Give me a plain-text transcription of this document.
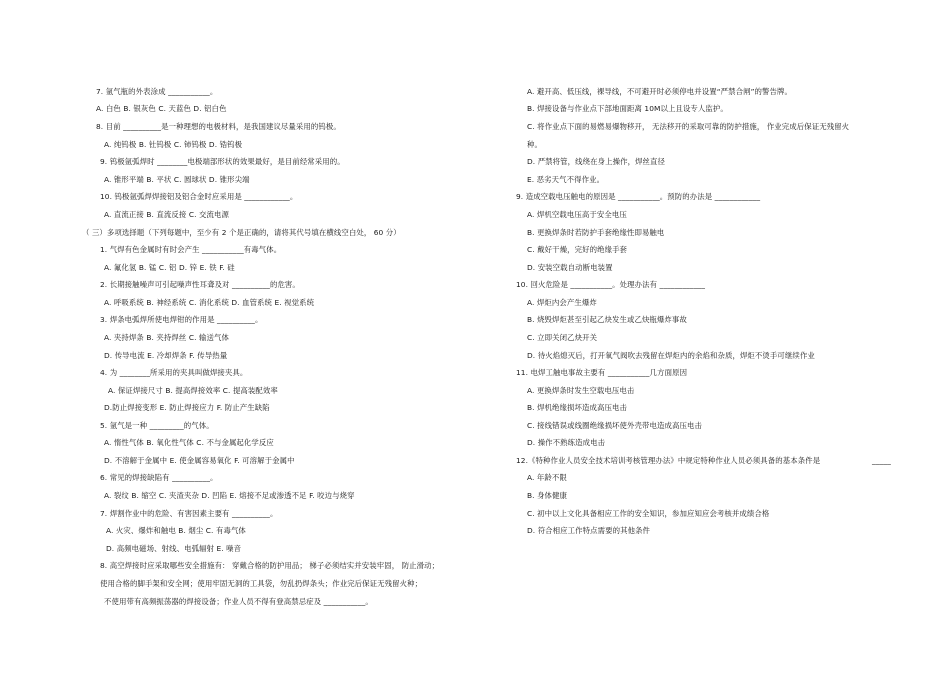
7. 氩气瓶的外表涂成 ___________。
A. 白色 B. 银灰色 C. 天蓝色 D. 铝白色
8. 目前 __________是一种理想的电极材料，是我国建议尽量采用的钨极。
A. 纯钨极 B. 钍钨极 C. 铈钨极 D. 锆钨极
9. 钨极氩弧焊时 ________电极端部形状的效果最好，是目前经常采用的。
A. 锥形平端 B. 平状 C. 圆球状 D. 锥形尖端
10. 钨极氩弧焊焊接铝及铝合金时应采用是 ____________。
A. 直流正接 B. 直流反接 C. 交流电源
（ 三）多项选择题（下列每题中，至少有 2 个是正确的，请将其代号填在横线空白处， 60 分）
1. 气焊有色金属时有时会产生 ___________有毒气体。
A. 氟化氢 B. 锰 C. 铝 D. 锌 E. 铁 F. 硅
2. 长期接触噪声可引起噪声性耳聋及对 __________的危害。
A. 呼吸系统 B. 神经系统 C. 消化系统 D. 血管系统 E. 视觉系统
3. 焊条电弧焊所使电焊钳的作用是 __________。
A. 夹持焊条 B. 夹持焊丝 C. 输送气体
D. 传导电流 E. 冷却焊条 F. 传导热量
4. 为 ________所采用的夹具叫做焊接夹具。
A. 保证焊接尺寸 B. 提高焊接效率 C. 提高装配效率
D.防止焊接变形 E. 防止焊接应力 F. 防止产生缺陷
5. 氩气是一种 _________的气体。
A. 惰性气体 B. 氧化性气体 C. 不与金属起化学反应
D. 不溶解于金属中 E. 使金属容易氧化 F. 可溶解于金属中
6. 常见的焊接缺陷有 __________。
A. 裂纹 B. 缩空 C. 夹渣夹杂 D. 凹陷 E. 熔接不足或渗透不足 F. 咬边与烧穿
7. 焊割作业中的危险、有害因素主要有 __________。
A. 火灾、爆炸和触电 B. 烟尘 C. 有毒气体
D. 高频电磁场、射线、电弧辐射 E. 噪音
8. 高空焊接时应采取哪些安全措施有： 穿戴合格的防护用品； 梯子必须结实并安装牢固， 防止滑动；
使用合格的脚手架和安全网；使用牢固无洞的工具袋，勿乱扔焊条头；作业完后保证无残留火种；
不使用带有高频振荡器的焊接设备；作业人员不得有登高禁忌症及 ___________。
A. 避开高、低压线，裸导线，不可避开时必须停电并设置“严禁合闸”的警告牌。
B. 焊接设备与作业点下部地面距离 10M以上且设专人监护。
C. 将作业点下面的易燃易爆物移开， 无法移开的采取可靠的防护措施， 作业完成后保证无残留火
种。
D. 严禁将管，线绕在身上操作，焊丝直径
E. 恶劣天气不得作业。
9. 造成空载电压触电的原因是 ___________。预防的办法是 ____________
A. 焊机空载电压高于安全电压
B. 更换焊条时若防护手套绝缘性即易触电
C. 戴好干燥，完好的绝缘手套
D. 安装空载自动断电装置
10. 回火危险是 ___________。处理办法有 ____________
A. 焊炬内会产生爆炸
B. 烧毁焊炬甚至引起乙炔发生或乙炔瓶爆炸事故
C. 立即关闭乙炔开关
D. 待火焰熄灭后，打开氧气阀吹去残留在焊炬内的余焰和杂质，焊炬不烫手可继续作业
11. 电焊工触电事故主要有 ___________几方面原因
A. 更换焊条时发生空载电压电击
B. 焊机绝缘损坏造成高压电击
C. 接线错误或线圈绝缘损坏使外壳带电造成高压电击
D. 操作不熟练造成电击
12.《特种作业人员安全技术培训考核管理办法》中规定特种作业人员必须具备的基本条件是
A. 年龄不限
B. 身体健康
C. 初中以上文化具备相应工作的安全知识，参加应知应会考核并成绩合格
D. 符合相应工作特点需要的其他条件
_____
